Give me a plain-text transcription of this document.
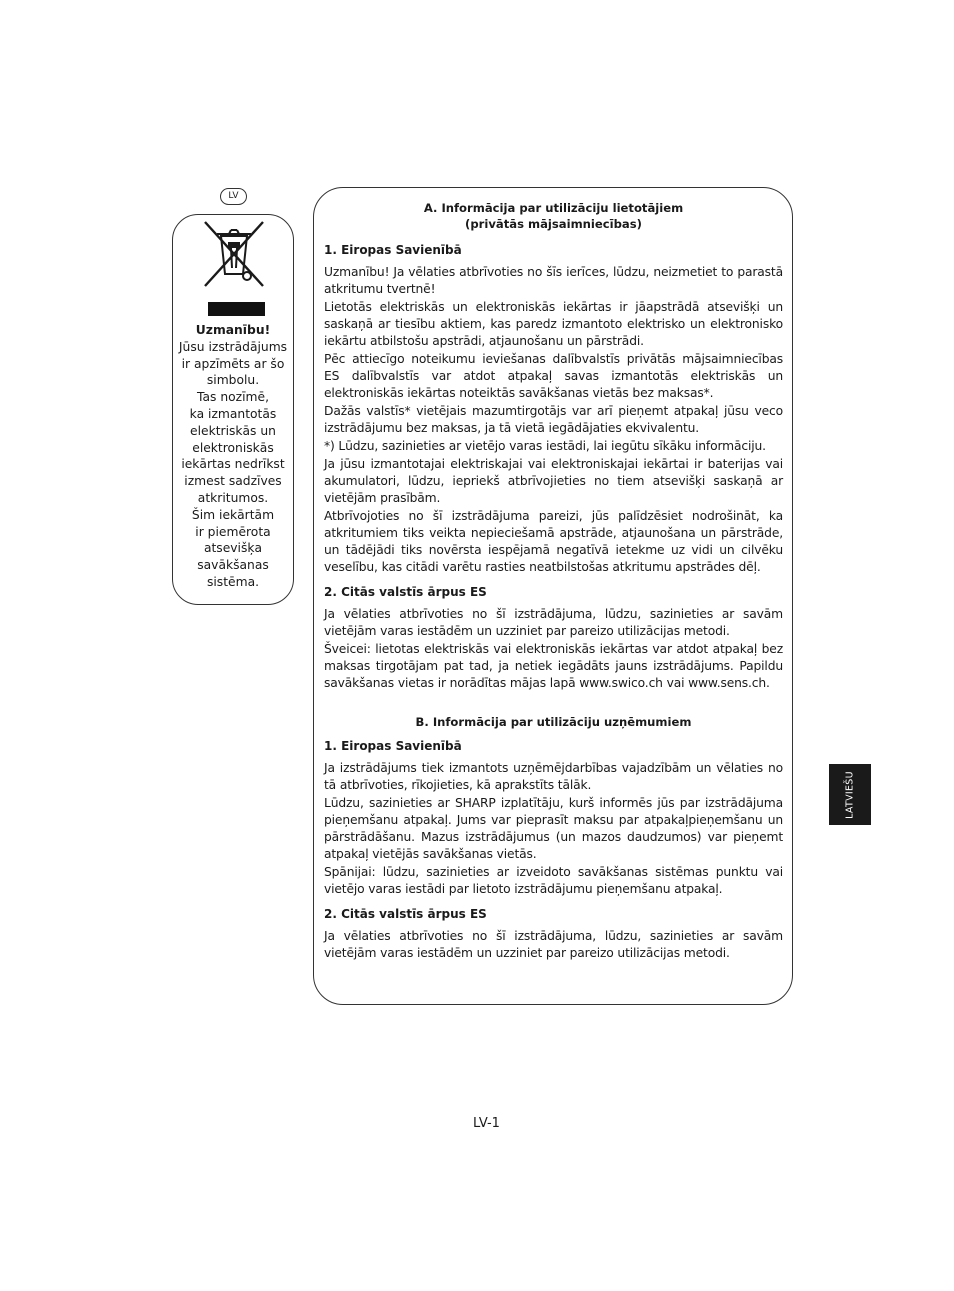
LV
Uzmanību!
Jūsu izstrādājums
ir apzīmēts ar šo
simbolu.
Tas nozīmē,
ka izmantotās
elektriskās un
elektroniskās
iekārtas nedrīkst
izmest sadzīves
atkritumos.
Šim iekārtām
ir piemērota
atsevišķa
savākšanas
sistēma.

A. Informācija par utilizāciju lietotājiem
(privātās mājsaimniecības)

1. Eiropas Savienībā

Uzmanību! Ja vēlaties atbrīvoties no šīs ierīces, lūdzu, neizmetiet to parastā atkritumu tvertnē!

Lietotās elektriskās un elektroniskās iekārtas ir jāapstrādā atsevišķi un saskaņā ar tiesību aktiem, kas paredz izmantoto elektrisko un elektronisko iekārtu atbilstošu apstrādi, atjaunošanu un pārstrādi.

Pēc attiecīgo noteikumu ieviešanas dalībvalstīs privātās mājsaimniecības ES dalībvalstīs var atdot atpakaļ savas izmantotās elektriskās un elektroniskās iekārtas noteiktās savākšanas vietās bez maksas*.

Dažās valstīs* vietējais mazumtirgotājs var arī pieņemt atpakaļ jūsu veco izstrādājumu bez maksas, ja tā vietā iegādājaties ekvivalentu.

*) Lūdzu, sazinieties ar vietējo varas iestādi, lai iegūtu sīkāku informāciju.

Ja jūsu izmantotajai elektriskajai vai elektroniskajai iekārtai ir baterijas vai akumulatori, lūdzu, iepriekš atbrīvojieties no tiem atsevišķi saskaņā ar vietējām prasībām.

Atbrīvojoties no šī izstrādājuma pareizi, jūs palīdzēsiet nodrošināt, ka atkritumiem tiks veikta nepieciešamā apstrāde, atjaunošana un pārstrāde, un tādējādi tiks novērsta iespējamā negatīvā ietekme uz vidi un cilvēku veselību, kas citādi varētu rasties neatbilstošas atkritumu apstrādes dēļ.

2. Citās valstīs ārpus ES

Ja vēlaties atbrīvoties no šī izstrādājuma, lūdzu, sazinieties ar savām vietējām varas iestādēm un uzziniet par pareizo utilizācijas metodi.

Šveicei: lietotas elektriskās vai elektroniskās iekārtas var atdot atpakaļ bez maksas tirgotājam pat tad, ja netiek iegādāts jauns izstrādājums. Papildu savākšanas vietas ir norādītas mājas lapā www.swico.ch vai www.sens.ch.

B. Informācija par utilizāciju uzņēmumiem

1. Eiropas Savienībā

Ja izstrādājums tiek izmantots uzņēmējdarbības vajadzībām un vēlaties no tā atbrīvoties, rīkojieties, kā aprakstīts tālāk.

Lūdzu, sazinieties ar SHARP izplatītāju, kurš informēs jūs par izstrādājuma pieņemšanu atpakaļ. Jums var pieprasīt maksu par atpakaļpieņemšanu un pārstrādāšanu. Mazus izstrādājumus (un mazos daudzumos) var pieņemt atpakaļ vietējās savākšanas vietās.

Spānijai: lūdzu, sazinieties ar izveidoto savākšanas sistēmas punktu vai vietējo varas iestādi par lietoto izstrādājumu pieņemšanu atpakaļ.

2. Citās valstīs ārpus ES

Ja vēlaties atbrīvoties no šī izstrādājuma, lūdzu, sazinieties ar savām vietējām varas iestādēm un uzziniet par pareizo utilizācijas metodi.

LATVIEŠU
LV-1
